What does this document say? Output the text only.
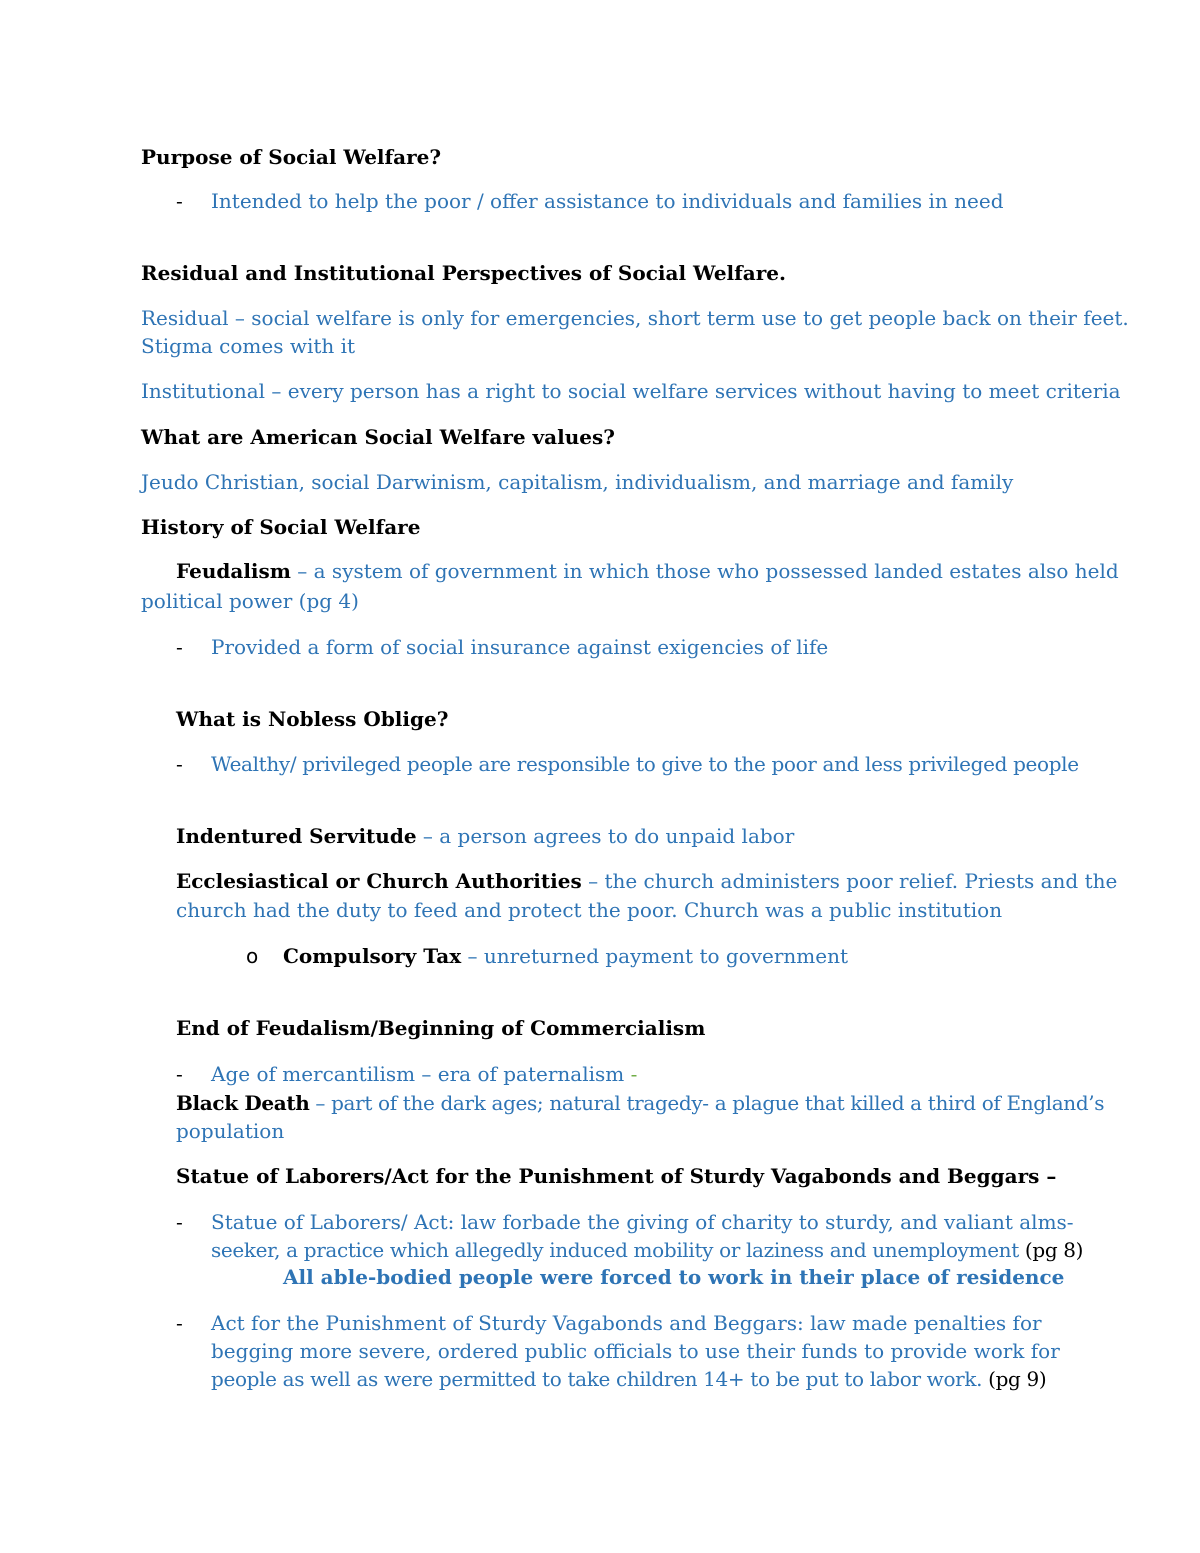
Purpose of Social Welfare?
- Intended to help the poor / offer assistance to individuals and families in need
Residual and Institutional Perspectives of Social Welfare.
Residual – social welfare is only for emergencies, short term use to get people back on their feet.
Stigma comes with it
Institutional – every person has a right to social welfare services without having to meet criteria
What are American Social Welfare values?
Jeudo Christian, social Darwinism, capitalism, individualism, and marriage and family
History of Social Welfare
Feudalism – a system of government in which those who possessed landed estates also held
political power (pg 4)
- Provided a form of social insurance against exigencies of life
What is Nobless Oblige?
- Wealthy/ privileged people are responsible to give to the poor and less privileged people
Indentured Servitude – a person agrees to do unpaid labor
Ecclesiastical or Church Authorities – the church administers poor relief. Priests and the
church had the duty to feed and protect the poor. Church was a public institution
o Compulsory Tax – unreturned payment to government
End of Feudalism/Beginning of Commercialism
- Age of mercantilism – era of paternalism -
Black Death – part of the dark ages; natural tragedy- a plague that killed a third of England’s
population
Statue of Laborers/Act for the Punishment of Sturdy Vagabonds and Beggars –
- Statue of Laborers/ Act: law forbade the giving of charity to sturdy, and valiant alms-
seeker, a practice which allegedly induced mobility or laziness and unemployment (pg 8)
All able-bodied people were forced to work in their place of residence
- Act for the Punishment of Sturdy Vagabonds and Beggars: law made penalties for
begging more severe, ordered public officials to use their funds to provide work for
people as well as were permitted to take children 14+ to be put to labor work. (pg 9)
